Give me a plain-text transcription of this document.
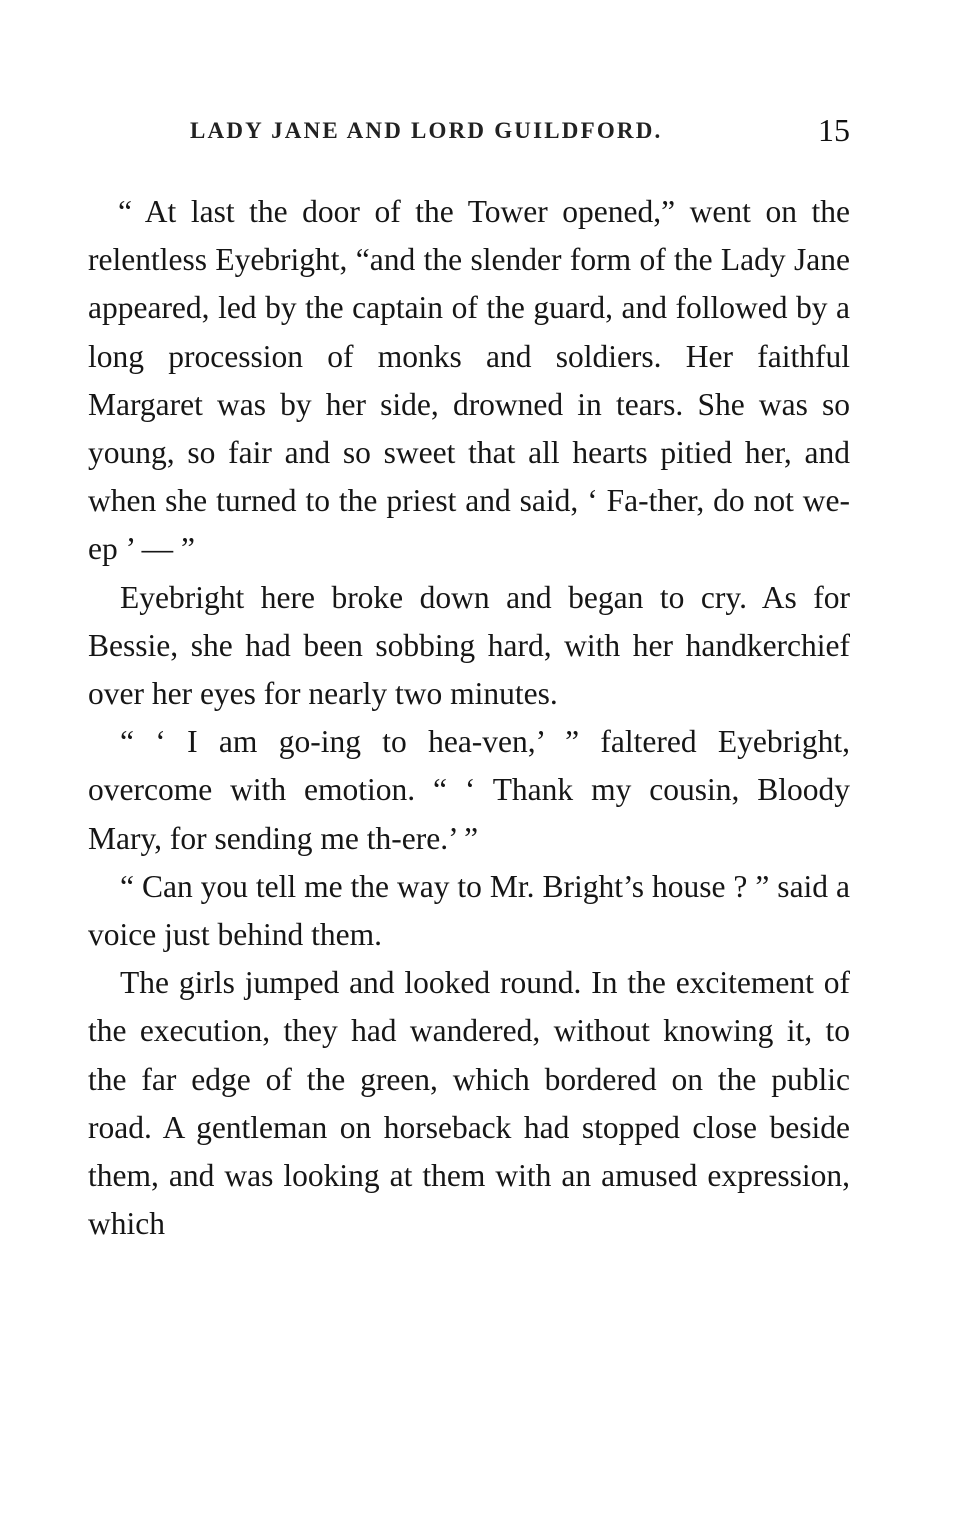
LADY JANE AND LORD GUILDFORD.	15

“ At last the door of the Tower opened,” went on the relentless Eyebright, “and the slender form of the Lady Jane appeared, led by the captain of the guard, and followed by a long procession of monks and soldiers. Her faithful Margaret was by her side, drowned in tears. She was so young, so fair and so sweet that all hearts pitied her, and when she turned to the priest and said, ‘ Fa-ther, do not we-ep ’ — ”

Eyebright here broke down and began to cry. As for Bessie, she had been sobbing hard, with her handkerchief over her eyes for nearly two minutes.

“ ‘ I am go-ing to hea-ven,’ ” faltered Eyebright, overcome with emotion. “ ‘ Thank my cousin, Bloody Mary, for sending me th-ere.’ ”

“ Can you tell me the way to Mr. Bright’s house ? ” said a voice just behind them.

The girls jumped and looked round. In the excitement of the execution, they had wandered, without knowing it, to the far edge of the green, which bordered on the public road. A gentleman on horseback had stopped close beside them, and was looking at them with an amused expression, which
